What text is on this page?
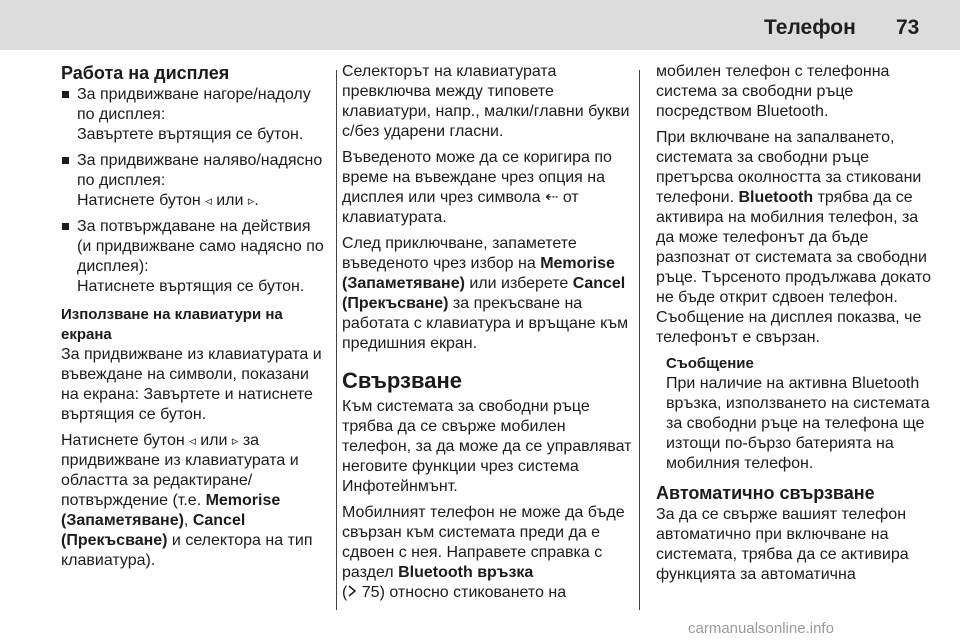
Телефон 73
Работа на дисплея
За придвижване нагоре/надолу по дисплея:
Завъртете въртящия се бутон.
За придвижване наляво/надясно по дисплея:
Натиснете бутон ◃ или ▹.
За потвърждаване на действия (и придвижване само надясно по дисплея):
Натиснете въртящия се бутон.
Използване на клавиатури на екрана

За придвижване из клавиатурата и въвеждане на символи, показани на екрана: Завъртете и натиснете въртящия се бутон.

Натиснете бутон ◃ или ▹ за придвижване из клавиатурата и областта за редактиране/ потвърждение (т.е. Memorise (Запаметяване), Cancel (Прекъсване) и селектора на тип клавиатура).

Селекторът на клавиатурата превключва между типовете клавиатури, напр., малки/главни букви с/без ударени гласни.

Въведеното може да се коригира по време на въвеждане чрез опция на дисплея или чрез символа ⇠ от клавиатурата.

След приключване, запаметете въведеното чрез избор на Memorise (Запаметяване) или изберете Cancel (Прекъсване) за прекъсване на работата с клавиатура и връщане към предишния екран.

Свързване

Към системата за свободни ръце трябва да се свърже мобилен телефон, за да може да се управляват неговите функции чрез система Инфотейнмънт.

Мобилният телефон не може да бъде свързан към системата преди да е сдвоен с нея. Направете справка с раздел Bluetooth връзка
( 75) относно стиковането на

мобилен телефон с телефонна система за свободни ръце посредством Bluetooth.

При включване на запалването, системата за свободни ръце претърсва околността за стиковани телефони. Bluetooth трябва да се активира на мобилния телефон, за да може телефонът да бъде разпознат от системата за свободни ръце. Търсеното продължава докато не бъде открит сдвоен телефон. Съобщение на дисплея показва, че телефонът е свързан.

Съобщение

При наличие на активна Bluetooth връзка, използването на системата за свободни ръце на телефона ще изтощи по-бързо батерията на мобилния телефон.

Автоматично свързване

За да се свърже вашият телефон автоматично при включване на системата, трябва да се активира функцията за автоматична

carmanualsonline.info
